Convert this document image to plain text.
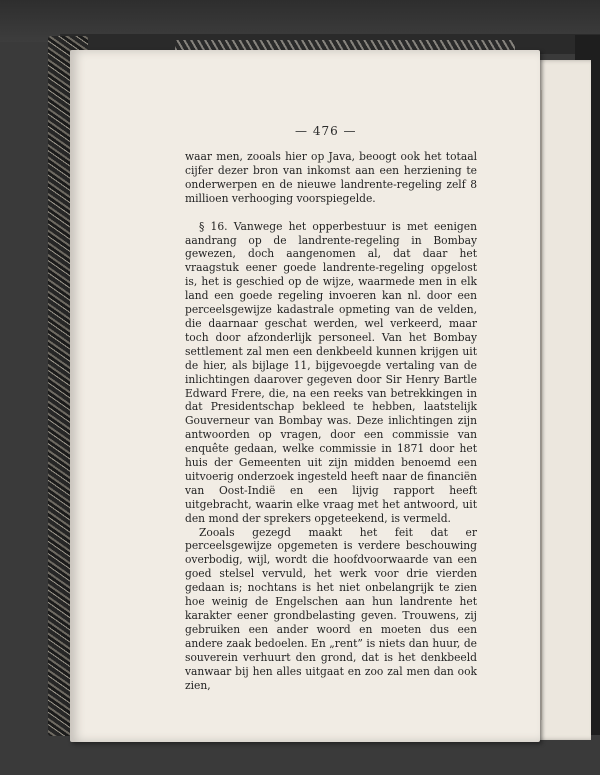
— 476 —

waar men, zooals hier op Java, beoogt ook het totaal cijfer dezer bron van inkomst aan een herziening te onderwerpen en de nieuwe landrente-regeling zelf 8 millioen verhooging voorspiegelde.

§ 16. Vanwege het opperbestuur is met eenigen aandrang op de landrente-regeling in Bombay gewezen, doch aangenomen al, dat daar het vraagstuk eener goede landrente-regeling opgelost is, het is geschied op de wijze, waarmede men in elk land een goede regeling invoeren kan nl. door een perceelsgewijze kadastrale opmeting van de velden, die daarnaar geschat werden, wel verkeerd, maar toch door afzonderlijk personeel. Van het Bombay settlement zal men een denkbeeld kunnen krijgen uit de hier, als bijlage 11, bijgevoegde vertaling van de inlichtingen daarover gegeven door Sir Henry Bartle Edward Frere, die, na een reeks van betrekkingen in dat Presidentschap bekleed te hebben, laatstelijk Gouverneur van Bombay was. Deze inlichtingen zijn antwoorden op vragen, door een commissie van enquête gedaan, welke commissie in 1871 door het huis der Gemeenten uit zijn midden benoemd een uitvoerig onderzoek ingesteld heeft naar de financiën van Oost-Indië en een lijvig rapport heeft uitgebracht, waarin elke vraag met het antwoord, uit den mond der sprekers opgeteekend, is vermeld.

Zooals gezegd maakt het feit dat er perceelsgewijze opgemeten is verdere beschouwing overbodig, wijl, wordt die hoofdvoorwaarde van een goed stelsel vervuld, het werk voor drie vierden gedaan is; nochtans is het niet onbelangrijk te zien hoe weinig de Engelschen aan hun landrente het karakter eener grondbelasting geven. Trouwens, zij gebruiken een ander woord en moeten dus een andere zaak bedoelen. En „rent” is niets dan huur, de souverein verhuurt den grond, dat is het denkbeeld vanwaar bij hen alles uitgaat en zoo zal men dan ook zien,
